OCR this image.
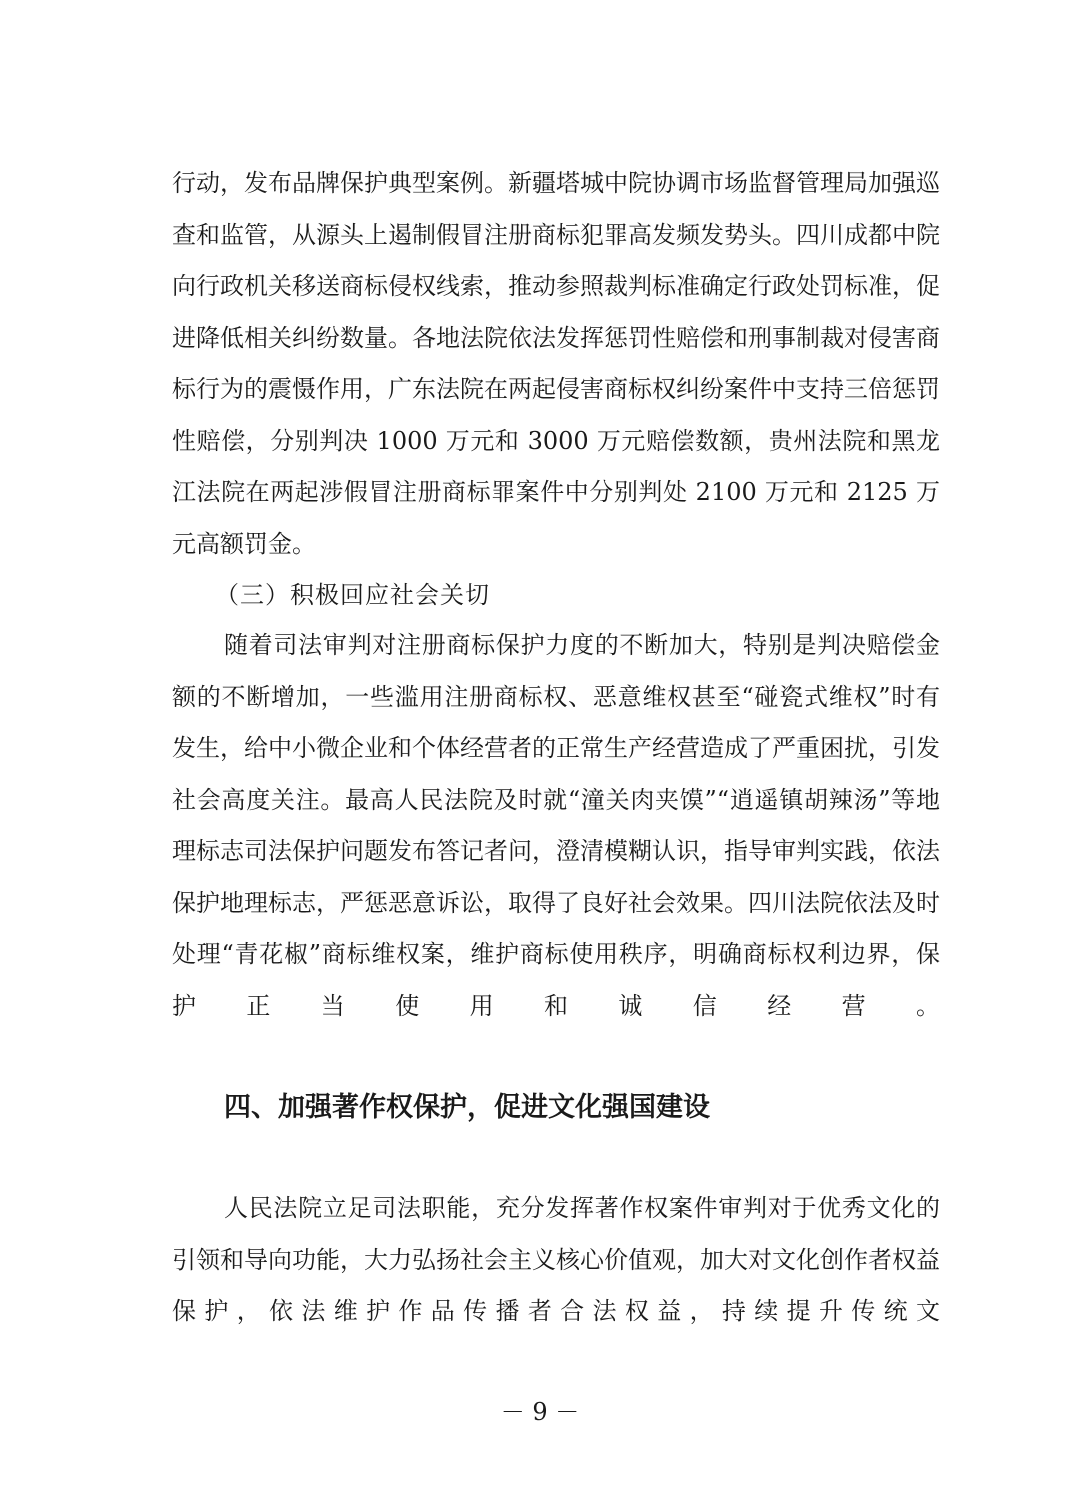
行动，发布品牌保护典型案例。新疆塔城中院协调市场监督管理局加强巡查和监管，从源头上遏制假冒注册商标犯罪高发频发势头。四川成都中院向行政机关移送商标侵权线索，推动参照裁判标准确定行政处罚标准，促进降低相关纠纷数量。各地法院依法发挥惩罚性赔偿和刑事制裁对侵害商标行为的震慑作用，广东法院在两起侵害商标权纠纷案件中支持三倍惩罚性赔偿，分别判决 1000 万元和 3000 万元赔偿数额，贵州法院和黑龙江法院在两起涉假冒注册商标罪案件中分别判处 2100 万元和 2125 万元高额罚金。

（三）积极回应社会关切

随着司法审判对注册商标保护力度的不断加大，特别是判决赔偿金额的不断增加，一些滥用注册商标权、恶意维权甚至“碰瓷式维权”时有发生，给中小微企业和个体经营者的正常生产经营造成了严重困扰，引发社会高度关注。最高人民法院及时就“潼关肉夹馍”“逍遥镇胡辣汤”等地理标志司法保护问题发布答记者问，澄清模糊认识，指导审判实践，依法保护地理标志，严惩恶意诉讼，取得了良好社会效果。四川法院依法及时处理“青花椒”商标维权案，维护商标使用秩序，明确商标权利边界，保护正当使用和诚信经营。

四、加强著作权保护，促进文化强国建设

人民法院立足司法职能，充分发挥著作权案件审判对于优秀文化的引领和导向功能，大力弘扬社会主义核心价值观，加大对文化创作者权益保护，依法维护作品传播者合法权益，持续提升传统文

－ 9 －
